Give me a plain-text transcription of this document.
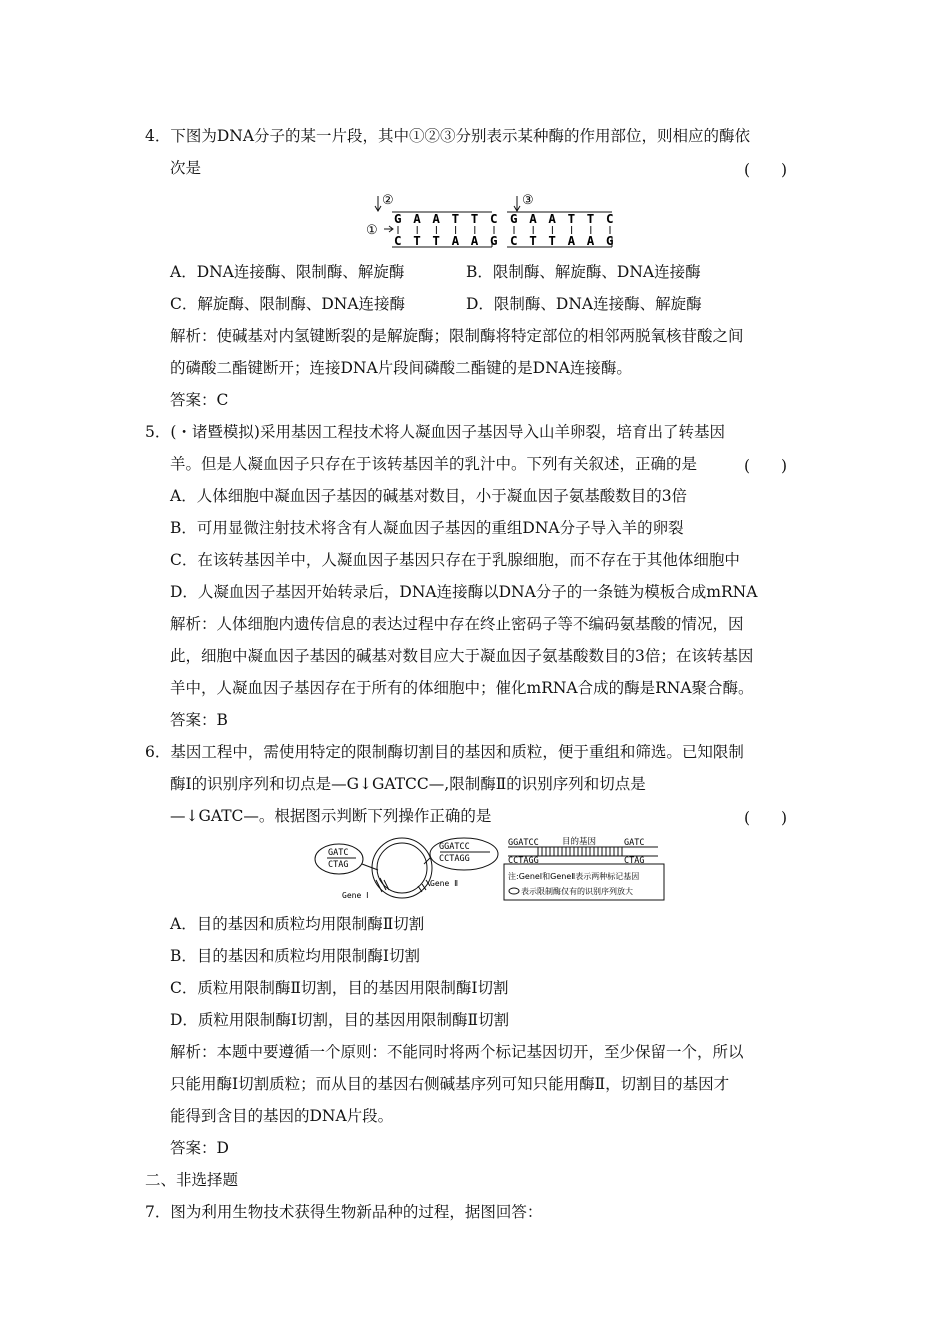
4．下图为DNA分子的某一片段，其中①②③分别表示某种酶的作用部位，则相应的酶依
次是	(　　)
②	③
①
G A A T T C G A A T T C
C T T A A G C T T A A G
A．DNA连接酶、限制酶、解旋酶	B．限制酶、解旋酶、DNA连接酶
C．解旋酶、限制酶、DNA连接酶	D．限制酶、DNA连接酶、解旋酶
解析：使碱基对内氢键断裂的是解旋酶；限制酶将特定部位的相邻两脱氧核苷酸之间
的磷酸二酯键断开；连接DNA片段间磷酸二酯键的是DNA连接酶。
答案：C
5．(・诸暨模拟)采用基因工程技术将人凝血因子基因导入山羊卵裂，培育出了转基因
羊。但是人凝血因子只存在于该转基因羊的乳汁中。下列有关叙述，正确的是	(　　)
A．人体细胞中凝血因子基因的碱基对数目，小于凝血因子氨基酸数目的3倍
B．可用显微注射技术将含有人凝血因子基因的重组DNA分子导入羊的卵裂
C．在该转基因羊中，人凝血因子基因只存在于乳腺细胞，而不存在于其他体细胞中
D．人凝血因子基因开始转录后，DNA连接酶以DNA分子的一条链为模板合成mRNA
解析：人体细胞内遗传信息的表达过程中存在终止密码子等不编码氨基酸的情况，因
此，细胞中凝血因子基因的碱基对数目应大于凝血因子氨基酸数目的3倍；在该转基因
羊中，人凝血因子基因存在于所有的体细胞中；催化mRNA合成的酶是RNA聚合酶。
答案：B
6．基因工程中，需使用特定的限制酶切割目的基因和质粒，便于重组和筛选。已知限制
酶Ⅰ的识别序列和切点是—G↓GATCC—,限制酶Ⅱ的识别序列和切点是
—↓GATC—。根据图示判断下列操作正确的是	(　　)
GATC
CTAG
GGATCC
CCTAGG
Gene Ⅰ
Gene Ⅱ
GGATCC
CCTAGG
目的基因	GATC
CTAG
注:GeneⅠ和GeneⅡ表示两种标记基因
表示限制酶仅有的识别序列放大
A．目的基因和质粒均用限制酶Ⅱ切割
B．目的基因和质粒均用限制酶Ⅰ切割
C．质粒用限制酶Ⅱ切割，目的基因用限制酶Ⅰ切割
D．质粒用限制酶Ⅰ切割，目的基因用限制酶Ⅱ切割
解析：本题中要遵循一个原则：不能同时将两个标记基因切开，至少保留一个，所以
只能用酶Ⅰ切割质粒；而从目的基因右侧碱基序列可知只能用酶Ⅱ，切割目的基因才
能得到含目的基因的DNA片段。
答案：D
二、非选择题
7．图为利用生物技术获得生物新品种的过程，据图回答：
